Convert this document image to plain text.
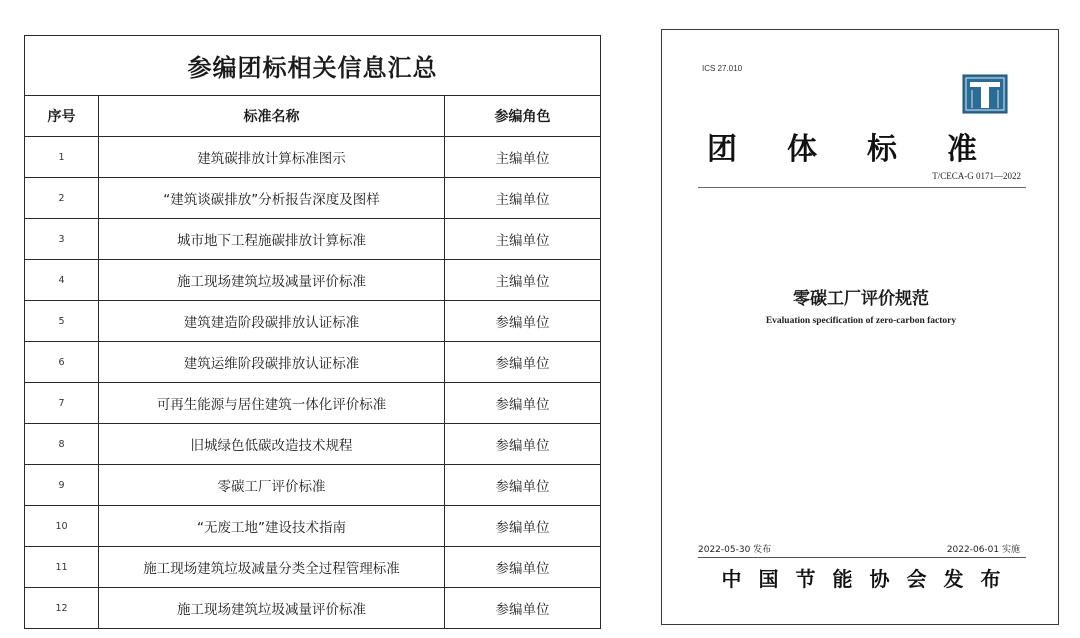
参编团标相关信息汇总		
序号	标准名称	参编角色
1	建筑碳排放计算标准图示	主编单位
2	“建筑谈碳排放”分析报告深度及图样	主编单位
3	城市地下工程施碳排放计算标准	主编单位
4	施工现场建筑垃圾减量评价标准	主编单位
5	建筑建造阶段碳排放认证标准	参编单位
6	建筑运维阶段碳排放认证标准	参编单位
7	可再生能源与居住建筑一体化评价标准	参编单位
8	旧城绿色低碳改造技术规程	参编单位
9	零碳工厂评价标准	参编单位
10	“无废工地”建设技术指南	参编单位
11	施工现场建筑垃圾减量分类全过程管理标准	参编单位
12	施工现场建筑垃圾减量评价标准	参编单位
ICS 27.010
团体标准
T/CECA-G 0171—2022
零碳工厂评价规范
Evaluation specification of zero-carbon factory
2022-05-30 发布	2022-06-01 实施
中国节能协会发布
